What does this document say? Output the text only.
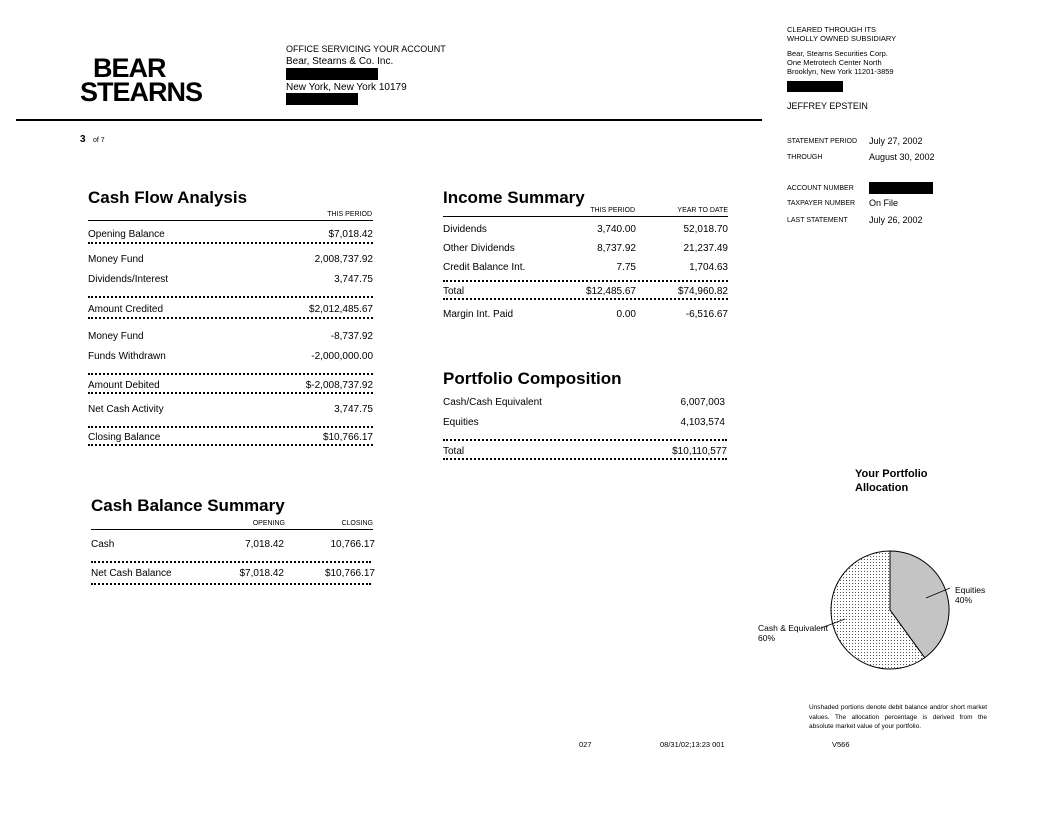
BEAR
STEARNS
OFFICE SERVICING YOUR ACCOUNT
Bear, Stearns & Co. Inc.
New York, New York 10179
3 of 7
CLEARED THROUGH ITS
WHOLLY OWNED SUBSIDIARY
Bear, Stearns Securities Corp.
One Metrotech Center North
Brooklyn, New York 11201-3859
JEFFREY EPSTEIN
STATEMENT PERIOD July 27, 2002
THROUGH	August 30, 2002
ACCOUNT NUMBER
TAXPAYER NUMBER On File
LAST STATEMENT July 26, 2002
Cash Flow Analysis
THIS PERIOD
Opening Balance	$7,018.42
Money Fund	2,008,737.92
Dividends/Interest	3,747.75
Amount Credited	$2,012,485.67
Money Fund	-8,737.92
Funds Withdrawn	-2,000,000.00
Amount Debited	$-2,008,737.92
Net Cash Activity	3,747.75
Closing Balance	$10,766.17
Income Summary
THIS PERIOD	YEAR TO DATE
Dividends	3,740.00	52,018.70
Other Dividends	8,737.92	21,237.49
Credit Balance Int.	7.75	1,704.63
Total	$12,485.67	$74,960.82
Margin Int. Paid	0.00	-6,516.67
Portfolio Composition
Cash/Cash Equivalent	6,007,003
Equities	4,103,574
Total	$10,110,577
Cash Balance Summary
OPENING	CLOSING
Cash	7,018.42	10,766.17
Net Cash Balance	$7,018.42	$10,766.17
Your Portfolio
Allocation
Equities
40%
Cash & Equivalent
60%
Unshaded portions denote debit balance and/or short market values. The allocation percentage is derived from the absolute market value of your portfolio.
027	08/31/02;13:23 001	V566
